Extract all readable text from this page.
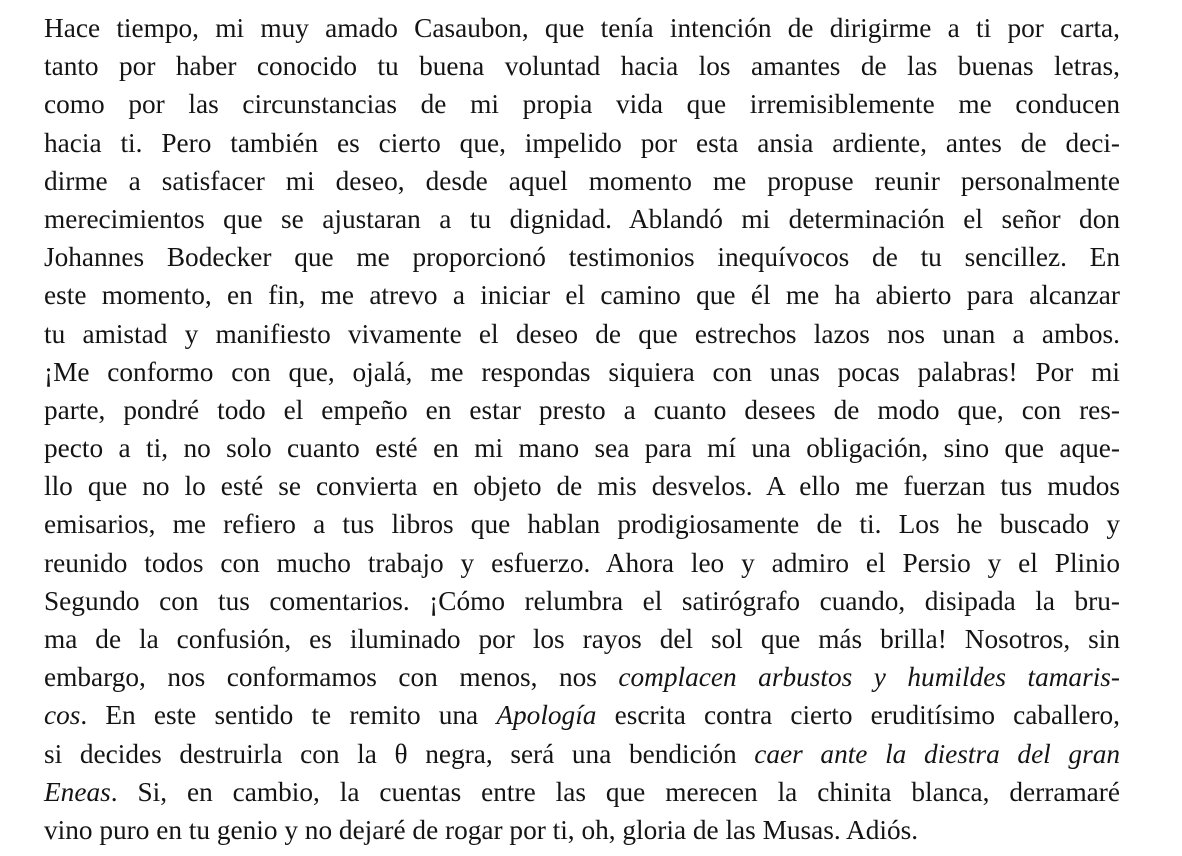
Hace tiempo, mi muy amado Casaubon, que tenía intención de dirigirme a ti por carta,
tanto por haber conocido tu buena voluntad hacia los amantes de las buenas letras,
como por las circunstancias de mi propia vida que irremisiblemente me conducen
hacia ti. Pero también es cierto que, impelido por esta ansia ardiente, antes de deci-
dirme a satisfacer mi deseo, desde aquel momento me propuse reunir personalmente
merecimientos que se ajustaran a tu dignidad. Ablandó mi determinación el señor don
Johannes Bodecker que me proporcionó testimonios inequívocos de tu sencillez. En
este momento, en fin, me atrevo a iniciar el camino que él me ha abierto para alcanzar
tu amistad y manifiesto vivamente el deseo de que estrechos lazos nos unan a ambos.
¡Me conformo con que, ojalá, me respondas siquiera con unas pocas palabras! Por mi
parte, pondré todo el empeño en estar presto a cuanto desees de modo que, con res-
pecto a ti, no solo cuanto esté en mi mano sea para mí una obligación, sino que aque-
llo que no lo esté se convierta en objeto de mis desvelos. A ello me fuerzan tus mudos
emisarios, me refiero a tus libros que hablan prodigiosamente de ti. Los he buscado y
reunido todos con mucho trabajo y esfuerzo. Ahora leo y admiro el Persio y el Plinio
Segundo con tus comentarios. ¡Cómo relumbra el satirógrafo cuando, disipada la bru-
ma de la confusión, es iluminado por los rayos del sol que más brilla! Nosotros, sin
embargo, nos conformamos con menos, nos complacen arbustos y humildes tamaris-
cos. En este sentido te remito una Apología escrita contra cierto eruditísimo caballero,
si decides destruirla con la θ negra, será una bendición caer ante la diestra del gran
Eneas. Si, en cambio, la cuentas entre las que merecen la chinita blanca, derramaré
vino puro en tu genio y no dejaré de rogar por ti, oh, gloria de las Musas. Adiós.
